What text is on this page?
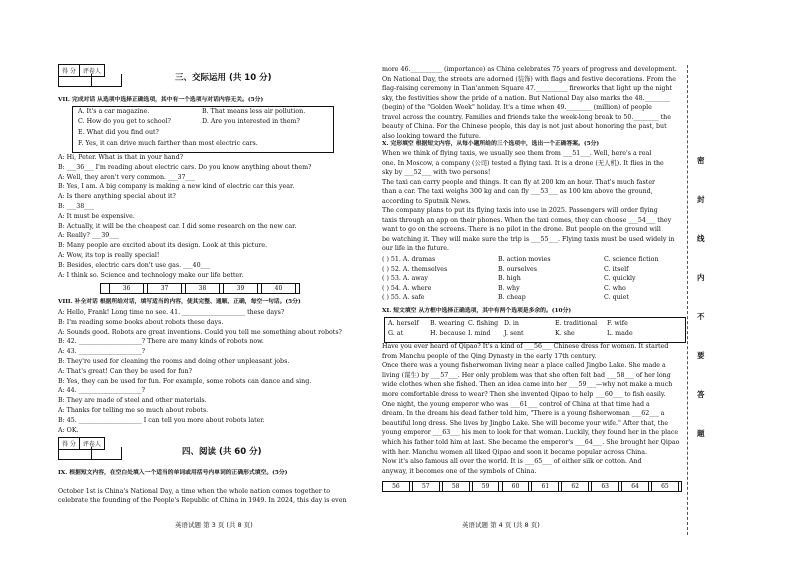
得 分	评卷人
三、交际运用 (共 10 分)
VII. 完成对话 从选项中选择正确选项，其中有一个选项与对话内容无关。(5分)
A. It's a car magazine.	B. That means less air pollution.
C. How do you get to school?	D. Are you interested in them?
E. What did you find out?
F. Yes, it can drive much farther than most electric cars.
A: Hi, Peter. What is that in your hand?
B: ___36___ I'm reading about electric cars. Do you know anything about them?
A: Well, they aren't very common. ___37___
B: Yes, I am. A big company is making a new kind of electric car this year.
A: Is there anything special about it?
B: ___38___
A: It must be expensive.
B: Actually, it will be the cheapest car. I did some research on the new car.
A: Really? ___39___
B: Many people are excited about its design. Look at this picture.
A: Wow, its top is really special!
B: Besides, electric cars don't use gas. ___40___
A: I think so. Science and technology make our life better.
	36		37		38		39		40	
VIII. 补全对话 根据所给对话，填写适当的内容，使其完整、通顺、正确，每空一句话。(5分)
A: Hello, Frank! Long time no see. 41. ____________________ these days?
B: I'm reading some books about robots these days.
A: Sounds good. Robots are great inventions. Could you tell me something about robots?
B: 42. ____________________? There are many kinds of robots now.
A: 43. ____________________?
B: They're used for cleaning the rooms and doing other unpleasant jobs.
A: That's great! Can they be used for fun?
B: Yes, they can be used for fun. For example, some robots can dance and sing.
A: 44. ____________________?
B: They are made of steel and other materials.
A: Thanks for telling me so much about robots.
B: 45. ____________________ I can tell you more about robots later.
A: OK.
得 分	评卷人
四、阅读 (共 60 分)
IX. 根据短文内容，在空白处填入一个适当的单词或用括号内单词的正确形式填空。(5分)
October 1st is China's National Day, a time when the whole nation comes together to
celebrate the founding of the People's Republic of China in 1949. In 2024, this day is even
英语试题 第 3 页 (共 8 页)
more 46.__________ (importance) as China celebrates 75 years of progress and development.
On National Day, the streets are adorned (装饰) with flags and festive decorations. From the
flag-raising ceremony in Tian'anmen Square 47.__________ fireworks that light up the night
sky, the festivities show the pride of a nation. But National Day also marks the 48.________
(begin) of the "Golden Week" holiday. It's a time when 49.________ (million) of people
travel across the country. Families and friends take the week-long break to 50.________ the
beauty of China. For the Chinese people, this day is not just about honoring the past, but
also looking toward the future.
X. 完形填空 根据短文内容，从每小题所给的三个选项中，选出一个正确答案。(5分)
When we think of flying taxis, we usually see them from ___51___. Well, here's a real
one. In Moscow, a company (公司) tested a flying taxi. It is a drone (无人机). It flies in the
sky by ___52___ with two persons!
The taxi can carry people and things. It can fly at 200 km an hour. That's much faster
than a car. The taxi weighs 300 kg and can fly ___53___ as 100 km above the ground,
according to Sputnik News.
The company plans to put its flying taxis into use in 2025. Passengers will order flying
taxis through an app on their phones. When the taxi comes, they can choose ___54___ they
want to go on the screens. There is no pilot in the drone. But people on the ground will
be watching it. They will make sure the trip is ___55___. Flying taxis must be used widely in
our life in the future.
( ) 51. A. dramas	B. action movies	C. science fiction
( ) 52. A. themselves	B. ourselves	C. itself
( ) 53. A. away	B. high	C. quickly
( ) 54. A. where	B. why	C. who
( ) 55. A. safe	B. cheap	C. quiet
XI. 短文填空 从方框中选择正确选项，其中有两个选项是多余的。(10分)
A. herself B. wearing C. fishing D. in	E. traditional F. wife
G. at	H. because I. mind J. sent	K. she	L. made
Have you ever heard of Qipao? It's a kind of ___56___ Chinese dress for women. It started
from Manchu people of the Qing Dynasty in the early 17th century.
Once there was a young fisherwoman living near a place called Jingbo Lake. She made a
living (谋生) by ___57___. Her only problem was that she often felt bad ___58___ of her long
wide clothes when she fished. Then an idea came into her ___59___—why not make a much
more comfortable dress to wear? Then she invented Qipao to help ___60___ to fish easily.
One night, the young emperor who was ___61___ control of China at that time had a
dream. In the dream his dead father told him, "There is a young fisherwoman ___62___ a
beautiful long dress. She lives by Jingbo Lake. She will become your wife." After that, the
young emperor ___63___ his men to look for that woman. Luckily, they found her in the place
which his father told him at last. She became the emperor's ___64___. She brought her Qipao
with her. Manchu women all liked Qipao and soon it became popular across China.
Now it's also famous all over the world. It is ___65___ of either silk or cotton. And
anyway, it becomes one of the symbols of China.
56		57		58		59		60		61		62		63		64		65	
英语试题 第 4 页 (共 8 页)
密
封
线
内
不
要
答
题
